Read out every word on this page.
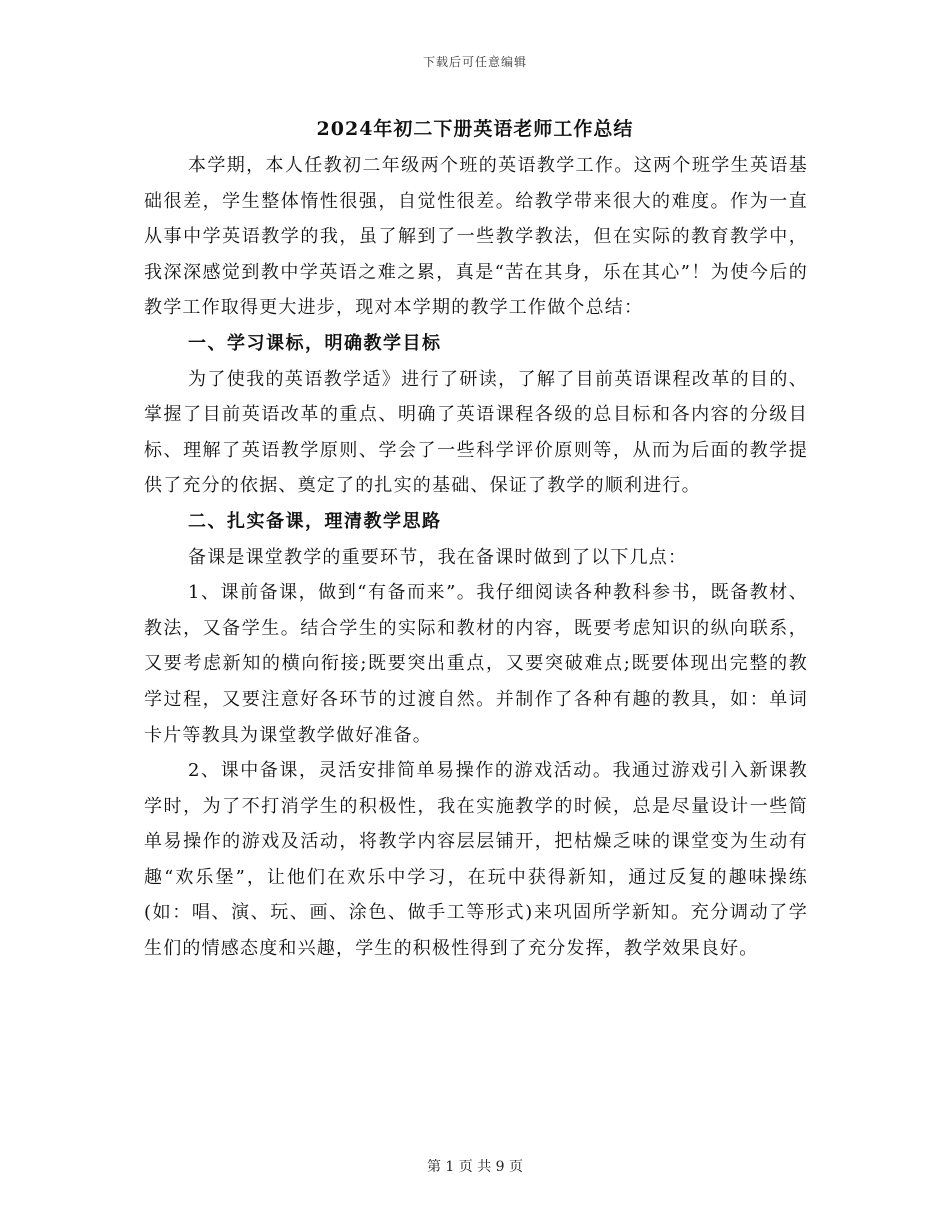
下载后可任意编辑
2024年初二下册英语老师工作总结

本学期，本人任教初二年级两个班的英语教学工作。这两个班学生英语基础很差，学生整体惰性很强，自觉性很差。给教学带来很大的难度。作为一直从事中学英语教学的我，虽了解到了一些教学教法，但在实际的教育教学中，我深深感觉到教中学英语之难之累，真是“苦在其身，乐在其心”！为使今后的教学工作取得更大进步，现对本学期的教学工作做个总结：

一、学习课标，明确教学目标

为了使我的英语教学适》进行了研读，了解了目前英语课程改革的目的、掌握了目前英语改革的重点、明确了英语课程各级的总目标和各内容的分级目标、理解了英语教学原则、学会了一些科学评价原则等，从而为后面的教学提供了充分的依据、奠定了的扎实的基础、保证了教学的顺利进行。

二、扎实备课，理清教学思路

备课是课堂教学的重要环节，我在备课时做到了以下几点：

1、课前备课，做到“有备而来”。我仔细阅读各种教科参书，既备教材、教法，又备学生。结合学生的实际和教材的内容，既要考虑知识的纵向联系，又要考虑新知的横向衔接;既要突出重点，又要突破难点;既要体现出完整的教学过程，又要注意好各环节的过渡自然。并制作了各种有趣的教具，如：单词卡片等教具为课堂教学做好准备。

2、课中备课，灵活安排简单易操作的游戏活动。我通过游戏引入新课教学时，为了不打消学生的积极性，我在实施教学的时候，总是尽量设计一些简单易操作的游戏及活动，将教学内容层层铺开，把枯燥乏味的课堂变为生动有趣“欢乐堡”，让他们在欢乐中学习，在玩中获得新知，通过反复的趣味操练(如：唱、演、玩、画、涂色、做手工等形式)来巩固所学新知。充分调动了学生们的情感态度和兴趣，学生的积极性得到了充分发挥，教学效果良好。

第 1 页 共 9 页
